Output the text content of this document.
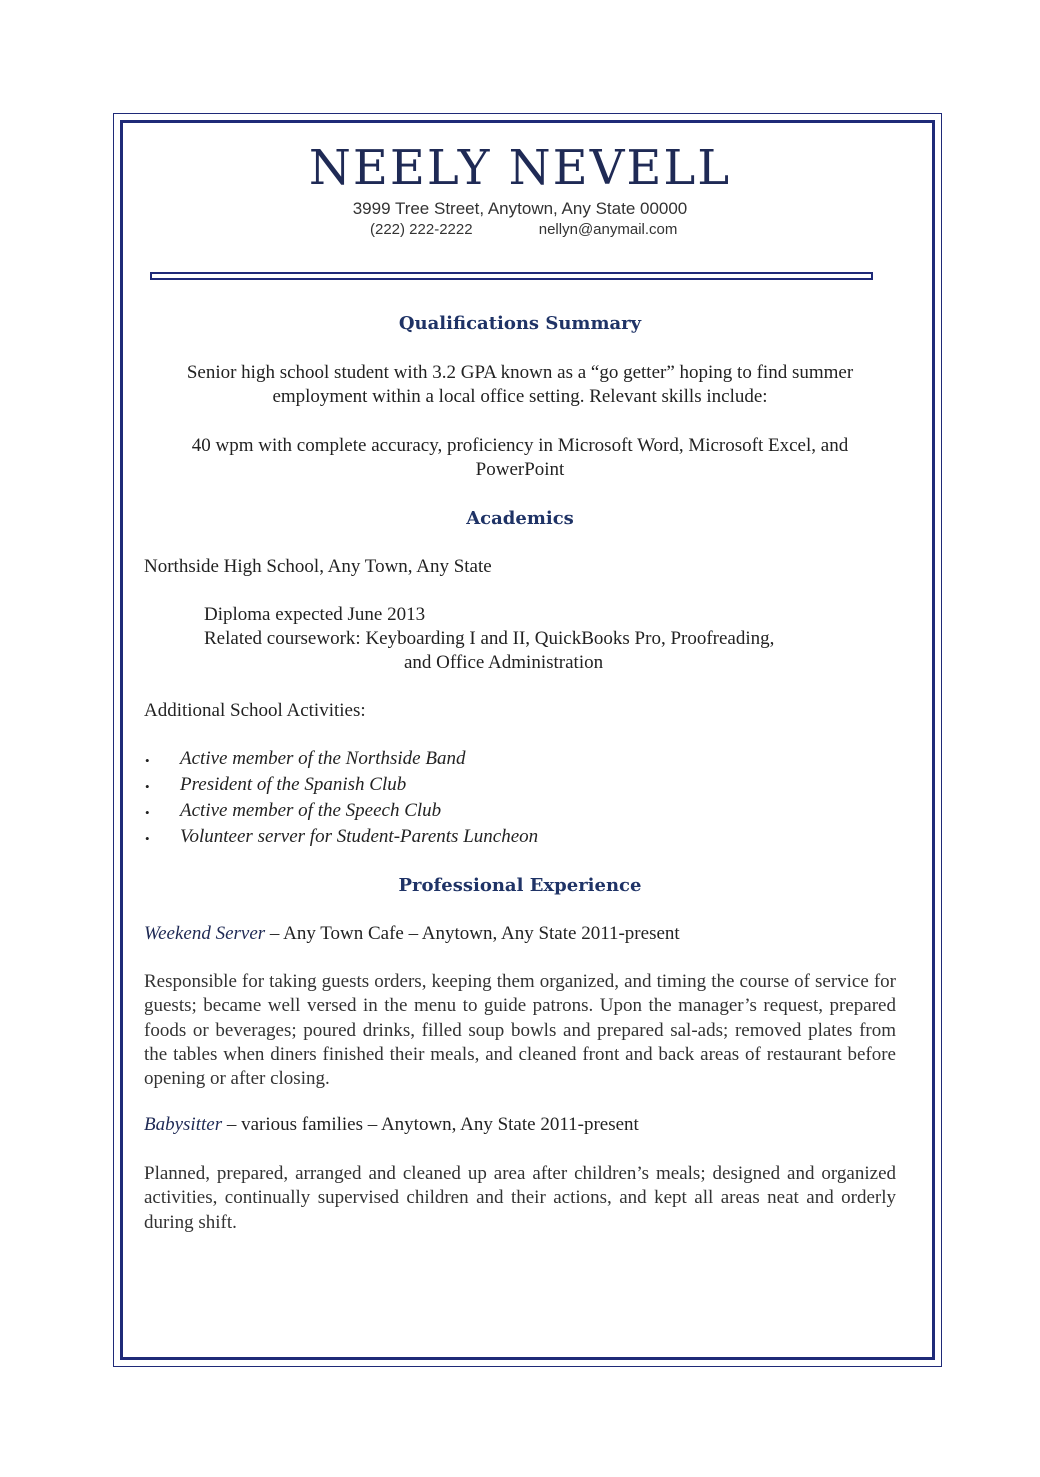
NEELY NEVELL
3999 Tree Street, Anytown, Any State 00000
(222) 222-2222	nellyn@anymail.com
Qualifications Summary
Senior high school student with 3.2 GPA known as a “go getter” hoping to find summer
employment within a local office setting. Relevant skills include:
40 wpm with complete accuracy, proficiency in Microsoft Word, Microsoft Excel, and
PowerPoint
Academics
Northside High School, Any Town, Any State
Diploma expected June 2013
Related coursework: Keyboarding I and II, QuickBooks Pro, Proofreading,
and Office Administration
Additional School Activities:
• Active member of the Northside Band
• President of the Spanish Club
• Active member of the Speech Club
• Volunteer server for Student-Parents Luncheon
Professional Experience
Weekend Server – Any Town Cafe – Anytown, Any State 2011-present
Responsible for taking guests orders, keeping them organized, and timing the course of service for guests; became well versed in the menu to guide patrons. Upon the manager’s request, prepared foods or beverages; poured drinks, filled soup bowls and prepared sal-ads; removed plates from the tables when diners finished their meals, and cleaned front and back areas of restaurant before opening or after closing.
Babysitter – various families – Anytown, Any State 2011-present
Planned, prepared, arranged and cleaned up area after children’s meals; designed and organized activities, continually supervised children and their actions, and kept all areas neat and orderly during shift.
